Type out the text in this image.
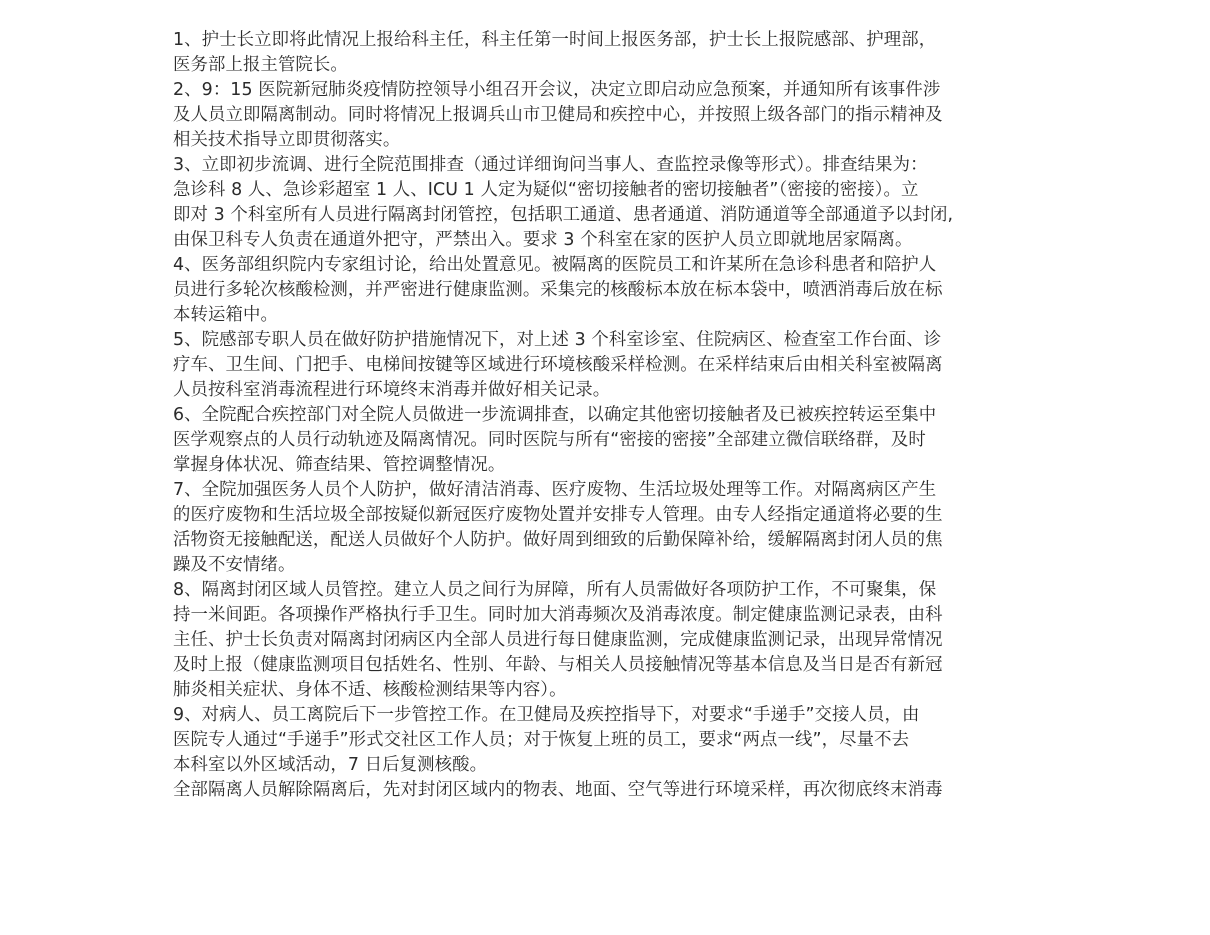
1、护士长立即将此情况上报给科主任，科主任第一时间上报医务部，护士长上报院感部、护理部，
医务部上报主管院长。
2、9：15 医院新冠肺炎疫情防控领导小组召开会议，决定立即启动应急预案，并通知所有该事件涉
及人员立即隔离制动。同时将情况上报调兵山市卫健局和疾控中心，并按照上级各部门的指示精神及
相关技术指导立即贯彻落实。
3、立即初步流调、进行全院范围排查（通过详细询问当事人、查监控录像等形式）。排查结果为：
急诊科 8 人、急诊彩超室 1 人、ICU 1 人定为疑似“密切接触者的密切接触者”（密接的密接）。立
即对 3 个科室所有人员进行隔离封闭管控，包括职工通道、患者通道、消防通道等全部通道予以封闭,
由保卫科专人负责在通道外把守，严禁出入。要求 3 个科室在家的医护人员立即就地居家隔离。
4、医务部组织院内专家组讨论，给出处置意见。被隔离的医院员工和许某所在急诊科患者和陪护人
员进行多轮次核酸检测，并严密进行健康监测。采集完的核酸标本放在标本袋中，喷洒消毒后放在标
本转运箱中。
5、院感部专职人员在做好防护措施情况下，对上述 3 个科室诊室、住院病区、检查室工作台面、诊
疗车、卫生间、门把手、电梯间按键等区域进行环境核酸采样检测。在采样结束后由相关科室被隔离
人员按科室消毒流程进行环境终末消毒并做好相关记录。
6、全院配合疾控部门对全院人员做进一步流调排查，以确定其他密切接触者及已被疾控转运至集中
医学观察点的人员行动轨迹及隔离情况。同时医院与所有“密接的密接”全部建立微信联络群，及时
掌握身体状况、筛查结果、管控调整情况。
7、全院加强医务人员个人防护，做好清洁消毒、医疗废物、生活垃圾处理等工作。对隔离病区产生
的医疗废物和生活垃圾全部按疑似新冠医疗废物处置并安排专人管理。由专人经指定通道将必要的生
活物资无接触配送，配送人员做好个人防护。做好周到细致的后勤保障补给，缓解隔离封闭人员的焦
躁及不安情绪。
8、隔离封闭区域人员管控。建立人员之间行为屏障，所有人员需做好各项防护工作，不可聚集，保
持一米间距。各项操作严格执行手卫生。同时加大消毒频次及消毒浓度。制定健康监测记录表，由科
主任、护士长负责对隔离封闭病区内全部人员进行每日健康监测，完成健康监测记录，出现异常情况
及时上报（健康监测项目包括姓名、性别、年龄、与相关人员接触情况等基本信息及当日是否有新冠
肺炎相关症状、身体不适、核酸检测结果等内容）。
9、对病人、员工离院后下一步管控工作。在卫健局及疾控指导下，对要求“手递手”交接人员，由
医院专人通过“手递手”形式交社区工作人员；对于恢复上班的员工，要求“两点一线”，尽量不去
本科室以外区域活动，7 日后复测核酸。
全部隔离人员解除隔离后，先对封闭区域内的物表、地面、空气等进行环境采样，再次彻底终末消毒
